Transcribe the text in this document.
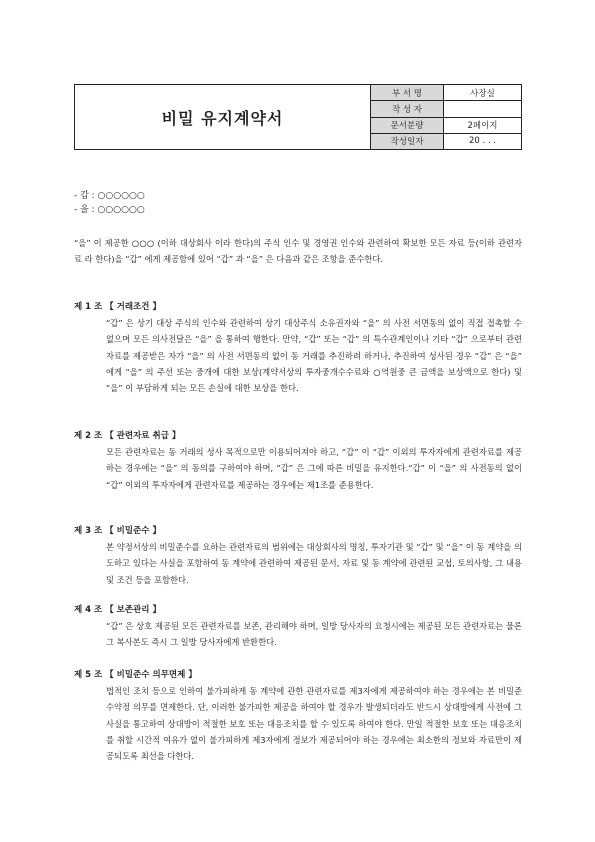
비밀 유지계약서
부 서 명	사장실
작 성 자
문서분량	2페이지
작성일자	20 . . .
- 갑 : ○○○○○○
- 을 : ○○○○○○
“을” 이 제공한 ○○○ (이하 대상회사 이라 한다)의 주식 인수 및 경영권 인수와 관련하여 확보한 모든 자료 등(이하 관련자료 라 한다)을 “갑” 에게 제공함에 있어 “갑” 과 “을” 은 다음과 같은 조항을 준수한다.
제 1 조 【 거래조건 】
“갑” 은 상기 대상 주식의 인수와 관련하여 상기 대상주식 소유권자와 “을” 의 사전 서면동의 없이 직접 접촉할 수 없으며 모든 의사전달은 “을” 을 통하여 행한다. 만약, “갑” 또는 “갑” 의 특수관계인이나 기타 “갑” 으로부터 관련자료를 제공받은 자가 “을” 의 사전 서면동의 없이 동 거래를 추진하려 하거나, 추진하여 성사된 경우 “갑” 은 “을” 에게 “을” 의 주선 또는 중개에 대한 보상(계약서상의 투자중개수수료와 ○억원중 큰 금액을 보상액으로 한다) 및 “을” 이 부담하게 되는 모든 손실에 대한 보상을 한다.
제 2 조 【 관련자료 취급 】
모든 관련자료는 동 거래의 성사 목적으로만 이용되어져야 하고, “갑” 이 “갑” 이외의 투자자에게 관련자료를 제공하는 경우에는 “을” 의 동의를 구하여야 하며, “갑” 은 그에 따른 비밀을 유지한다.“갑” 이 “을” 의 사전동의 없이 “갑” 이외의 투자자에게 관련자료를 제공하는 경우에는 제1조를 준용한다.
제 3 조 【 비밀준수 】
본 약정서상의 비밀준수를 요하는 관련자료의 범위에는 대상회사의 명칭, 투자기관 및 “갑” 및 “을” 이 동 계약을 의도하고 있다는 사실을 포함하여 동 계약에 관련하여 제공된 문서, 자료 및 동 계약에 관련된 교섭, 토의사항, 그 내용 및 조건 등을 포함한다.
제 4 조 【 보존관리 】
“갑” 은 상호 제공된 모든 관련자료를 보존, 관리해야 하며, 일방 당사자의 요청시에는 제공된 모든 관련자료는 물론 그 복사본도 즉시 그 일방 당사자에게 반환한다.
제 5 조 【 비밀준수 의무면제 】
법적인 조치 등으로 인하여 불가피하게 동 계약에 관한 관련자료를 제3자에게 제공하여야 하는 경우에는 본 비밀준수약정 의무를 면제한다. 단, 이러한 불가피한 제공을 하여야 할 경우가 발생되더라도 반드시 상대방에게 사전에 그 사실을 통고하여 상대방이 적절한 보호 또는 대응조치를 할 수 있도록 하여야 한다. 만일 적절한 보호 또는 대응조치를 취할 시간적 여유가 없이 불가피하게 제3자에게 정보가 제공되어야 하는 경우에는 최소한의 정보와 자료만이 제공되도록 최선을 다한다.
